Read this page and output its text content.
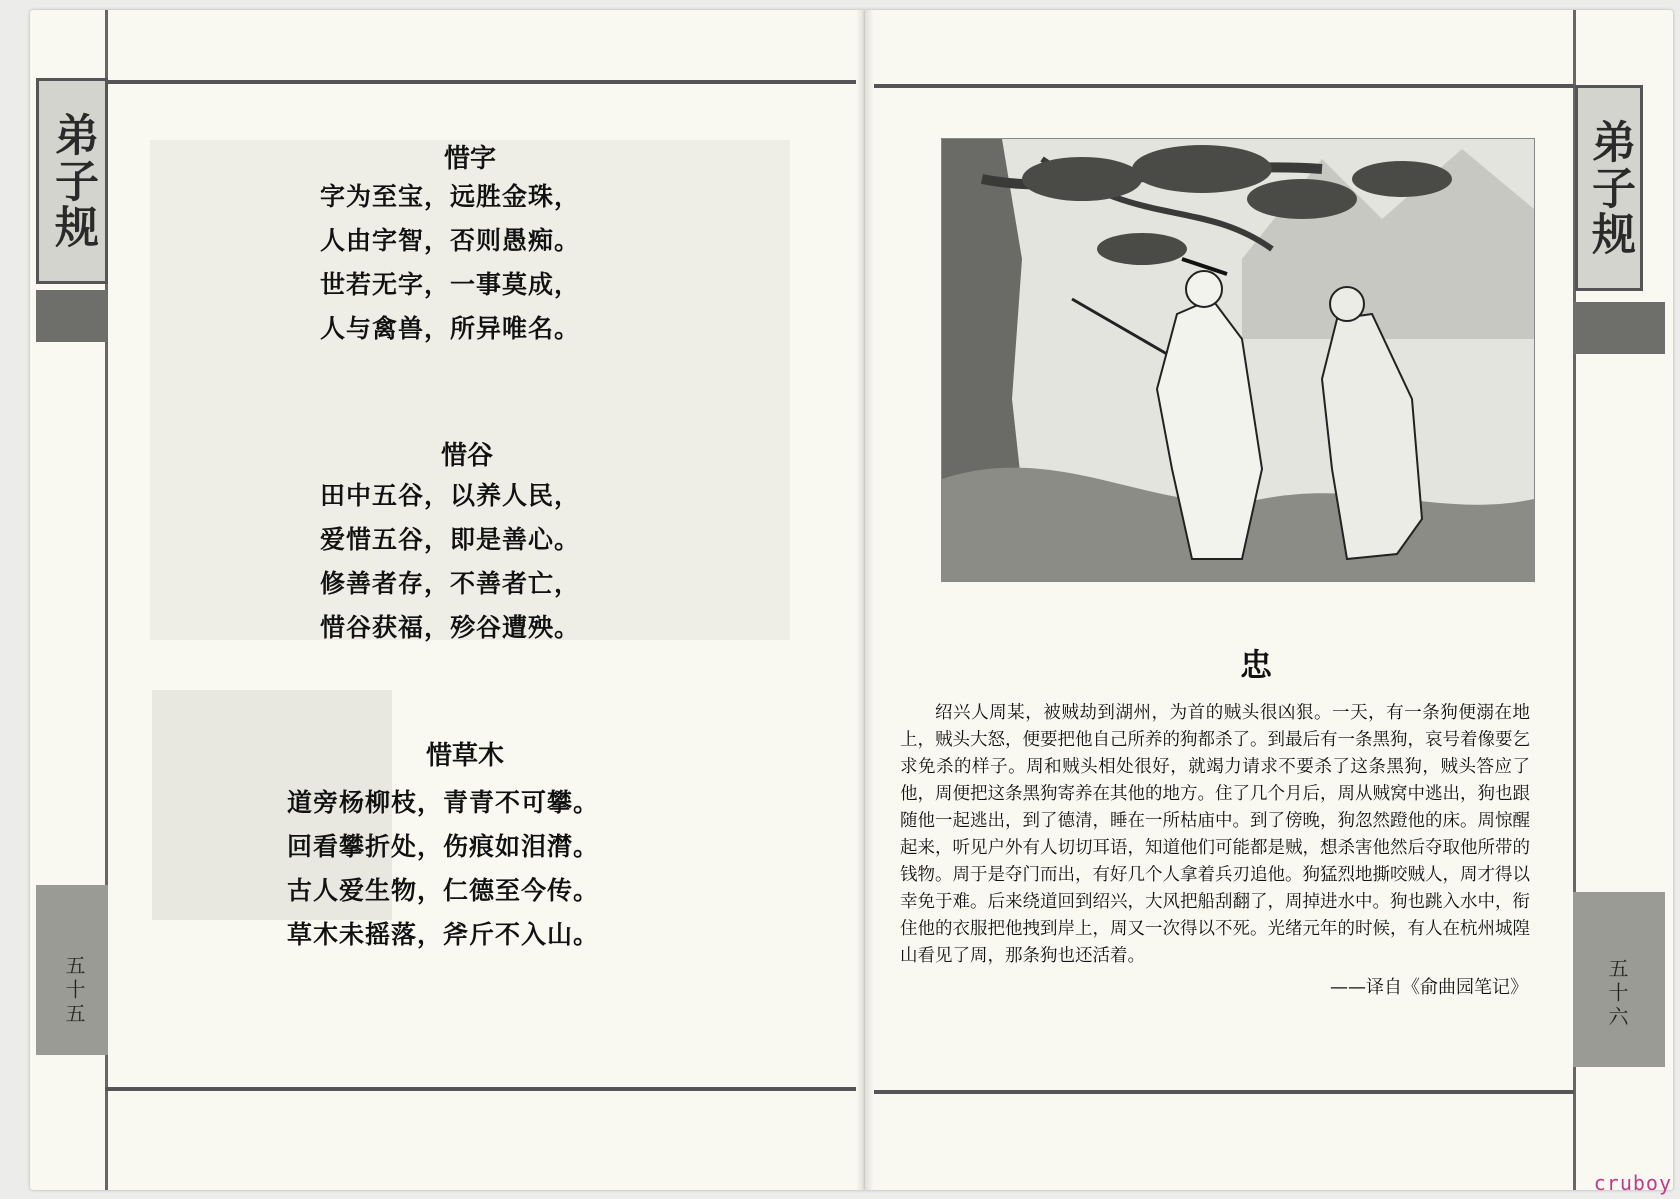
弟子规
五十五
弟子规
五十六
惜字
字为至宝，远胜金珠，
人由字智，否则愚痴。
世若无字，一事莫成，
人与禽兽，所异唯名。
惜谷
田中五谷，以养人民，
爱惜五谷，即是善心。
修善者存，不善者亡，
惜谷获福，殄谷遭殃。
惜草木
道旁杨柳枝，青青不可攀。
回看攀折处，伤痕如泪潸。
古人爱生物，仁德至今传。
草木未摇落，斧斤不入山。
忠

绍兴人周某，被贼劫到湖州，为首的贼头很凶狠。一天，有一条狗便溺在地上，贼头大怒，便要把他自己所养的狗都杀了。到最后有一条黑狗，哀号着像要乞求免杀的样子。周和贼头相处很好，就竭力请求不要杀了这条黑狗，贼头答应了他，周便把这条黑狗寄养在其他的地方。住了几个月后，周从贼窝中逃出，狗也跟随他一起逃出，到了德清，睡在一所枯庙中。到了傍晚，狗忽然蹬他的床。周惊醒起来，听见户外有人切切耳语，知道他们可能都是贼，想杀害他然后夺取他所带的钱物。周于是夺门而出，有好几个人拿着兵刃追他。狗猛烈地撕咬贼人，周才得以幸免于难。后来绕道回到绍兴，大风把船刮翻了，周掉进水中。狗也跳入水中，衔住他的衣服把他拽到岸上，周又一次得以不死。光绪元年的时候，有人在杭州城隍山看见了周，那条狗也还活着。

——译自《俞曲园笔记》
cruboy
